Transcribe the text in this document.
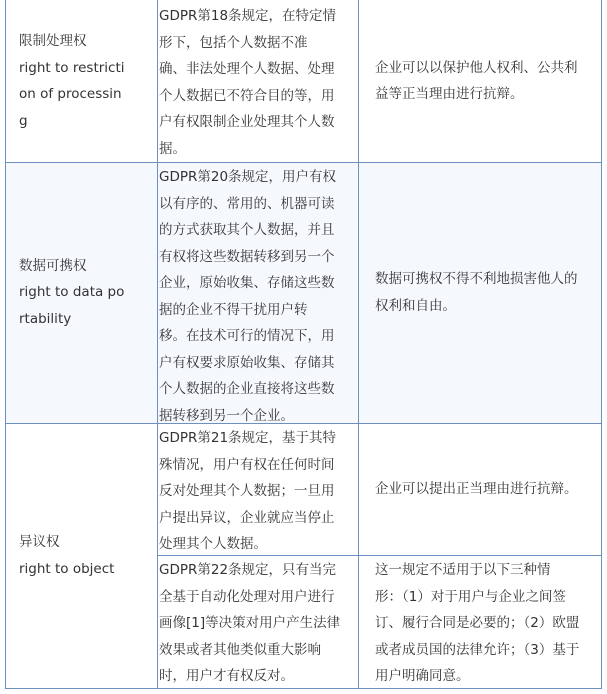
限制处理权
right to restricti
on of processin
g
GDPR第18条规定，在特定情
形下，包括个人数据不准
确、非法处理个人数据、处理
个人数据已不符合目的等，用
户有权限制企业处理其个人数
据。
企业可以以保护他人权利、公共利
益等正当理由进行抗辩。
数据可携权
right to data po
rtability
GDPR第20条规定，用户有权
以有序的、常用的、机器可读
的方式获取其个人数据，并且
有权将这些数据转移到另一个
企业，原始收集、存储这些数
据的企业不得干扰用户转
移。在技术可行的情况下，用
户有权要求原始收集、存储其
个人数据的企业直接将这些数
据转移到另一个企业。
数据可携权不得不利地损害他人的
权利和自由。
异议权
right to object
GDPR第21条规定，基于其特
殊情况，用户有权在任何时间
反对处理其个人数据；一旦用
户提出异议，企业就应当停止
处理其个人数据。
企业可以提出正当理由进行抗辩。
GDPR第22条规定，只有当完
全基于自动化处理对用户进行
画像[1]等决策对用户产生法律
效果或者其他类似重大影响
时，用户才有权反对。
这一规定不适用于以下三种情
形：（1）对于用户与企业之间签
订、履行合同是必要的；（2）欧盟
或者成员国的法律允许；（3）基于
用户明确同意。
